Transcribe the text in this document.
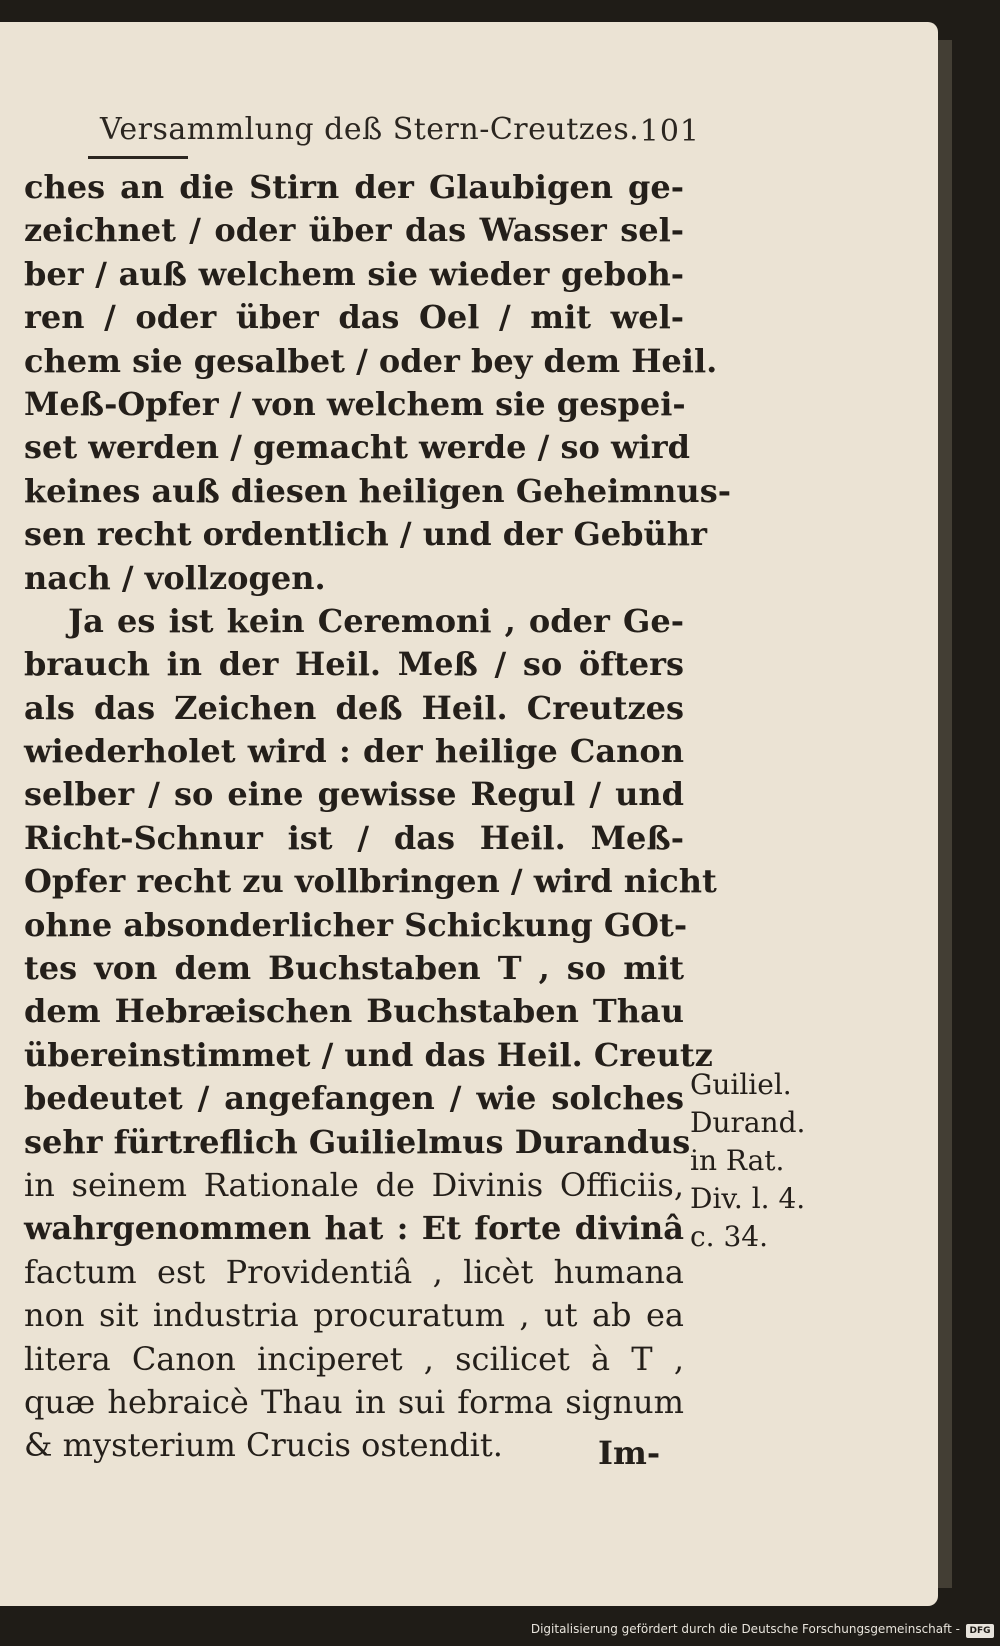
Versammlung deß Stern-Creutzes. 101
ches an die Stirn der Glaubigen ge-
zeichnet / oder über das Wasser sel-
ber / auß welchem sie wieder geboh-
ren / oder über das Oel / mit wel-
chem sie gesalbet / oder bey dem Heil.
Meß-Opfer / von welchem sie gespei-
set werden / gemacht werde / so wird
keines auß diesen heiligen Geheimnus-
sen recht ordentlich / und der Gebühr
nach / vollzogen.
Ja es ist kein Ceremoni , oder Ge-
brauch in der Heil. Meß / so öfters
als das Zeichen deß Heil. Creutzes
wiederholet wird : der heilige Canon
selber / so eine gewisse Regul / und
Richt-Schnur ist / das Heil. Meß-
Opfer recht zu vollbringen / wird nicht
ohne absonderlicher Schickung GOt-
tes von dem Buchstaben T , so mit
dem Hebræischen Buchstaben Thau
übereinstimmet / und das Heil. Creutz
bedeutet / angefangen / wie solches
sehr fürtreflich Guilielmus Durandus
in seinem Rationale de Divinis Officiis,
wahrgenommen hat : Et forte divinâ
factum est Providentiâ , licèt humana
non sit industria procuratum , ut ab ea
litera Canon inciperet , scilicet à T ,
quæ hebraicè Thau in sui forma signum
& mysterium Crucis ostendit.
Guiliel.
Durand.
in Rat.
Div. l. 4.
c. 34.
Im-
Digitalisierung gefördert durch die Deutsche Forschungsgemeinschaft -	DFG
